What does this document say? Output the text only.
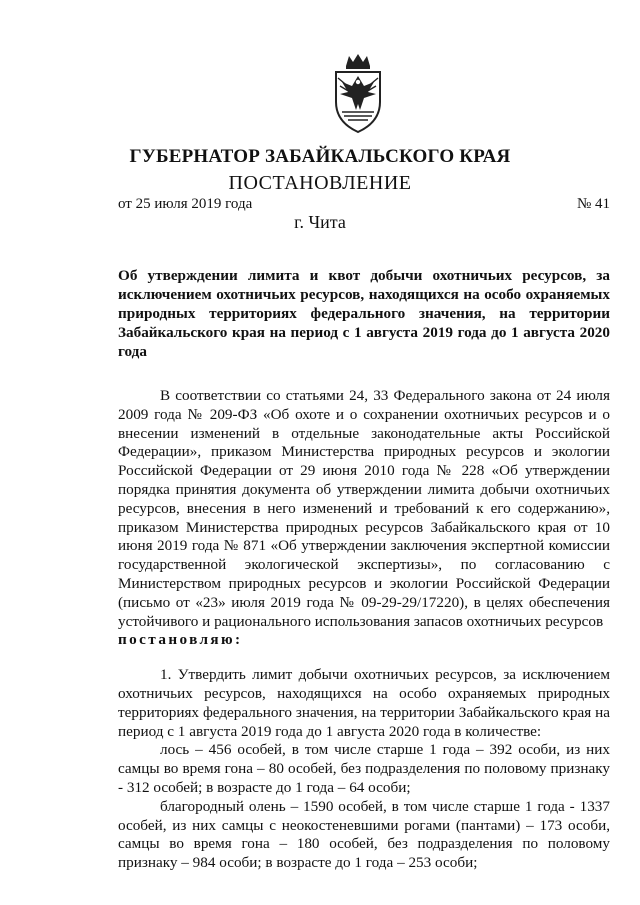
ГУБЕРНАТОР ЗАБАЙКАЛЬСКОГО КРАЯ
ПОСТАНОВЛЕНИЕ
от 25 июля 2019 года	№ 41
г. Чита
Об утверждении лимита и квот добычи охотничьих ресурсов, за исключением охотничьих ресурсов, находящихся на особо охраняемых природных территориях федерального значения, на территории Забайкальского края на период с 1 августа 2019 года до 1 августа 2020 года

В соответствии со статьями 24, 33 Федерального закона от 24 июля 2009 года № 209-ФЗ «Об охоте и о сохранении охотничьих ресурсов и о внесении изменений в отдельные законодательные акты Российской Федерации», приказом Министерства природных ресурсов и экологии Российской Федерации от 29 июня 2010 года № 228 «Об утверждении порядка принятия документа об утверждении лимита добычи охотничьих ресурсов, внесения в него изменений и требований к его содержанию», приказом Министерства природных ресурсов Забайкальского края от 10 июня 2019 года № 871 «Об утверждении заключения экспертной комиссии государственной экологической экспертизы», по согласованию с Министерством природных ресурсов и экологии Российской Федерации (письмо от «23» июля 2019 года № 09-29-29/17220), в целях обеспечения устойчивого и рационального использования запасов охотничьих ресурсов

постановляю:

1. Утвердить лимит добычи охотничьих ресурсов, за исключением охотничьих ресурсов, находящихся на особо охраняемых природных территориях федерального значения, на территории Забайкальского края на период с 1 августа 2019 года до 1 августа 2020 года в количестве:

лось – 456 особей, в том числе старше 1 года – 392 особи, из них самцы во время гона – 80 особей, без подразделения по половому признаку - 312 особей; в возрасте до 1 года – 64 особи;

благородный олень – 1590 особей, в том числе старше 1 года - 1337 особей, из них самцы с неокостеневшими рогами (пантами) – 173 особи, самцы во время гона – 180 особей, без подразделения по половому признаку – 984 особи; в возрасте до 1 года – 253 особи;
